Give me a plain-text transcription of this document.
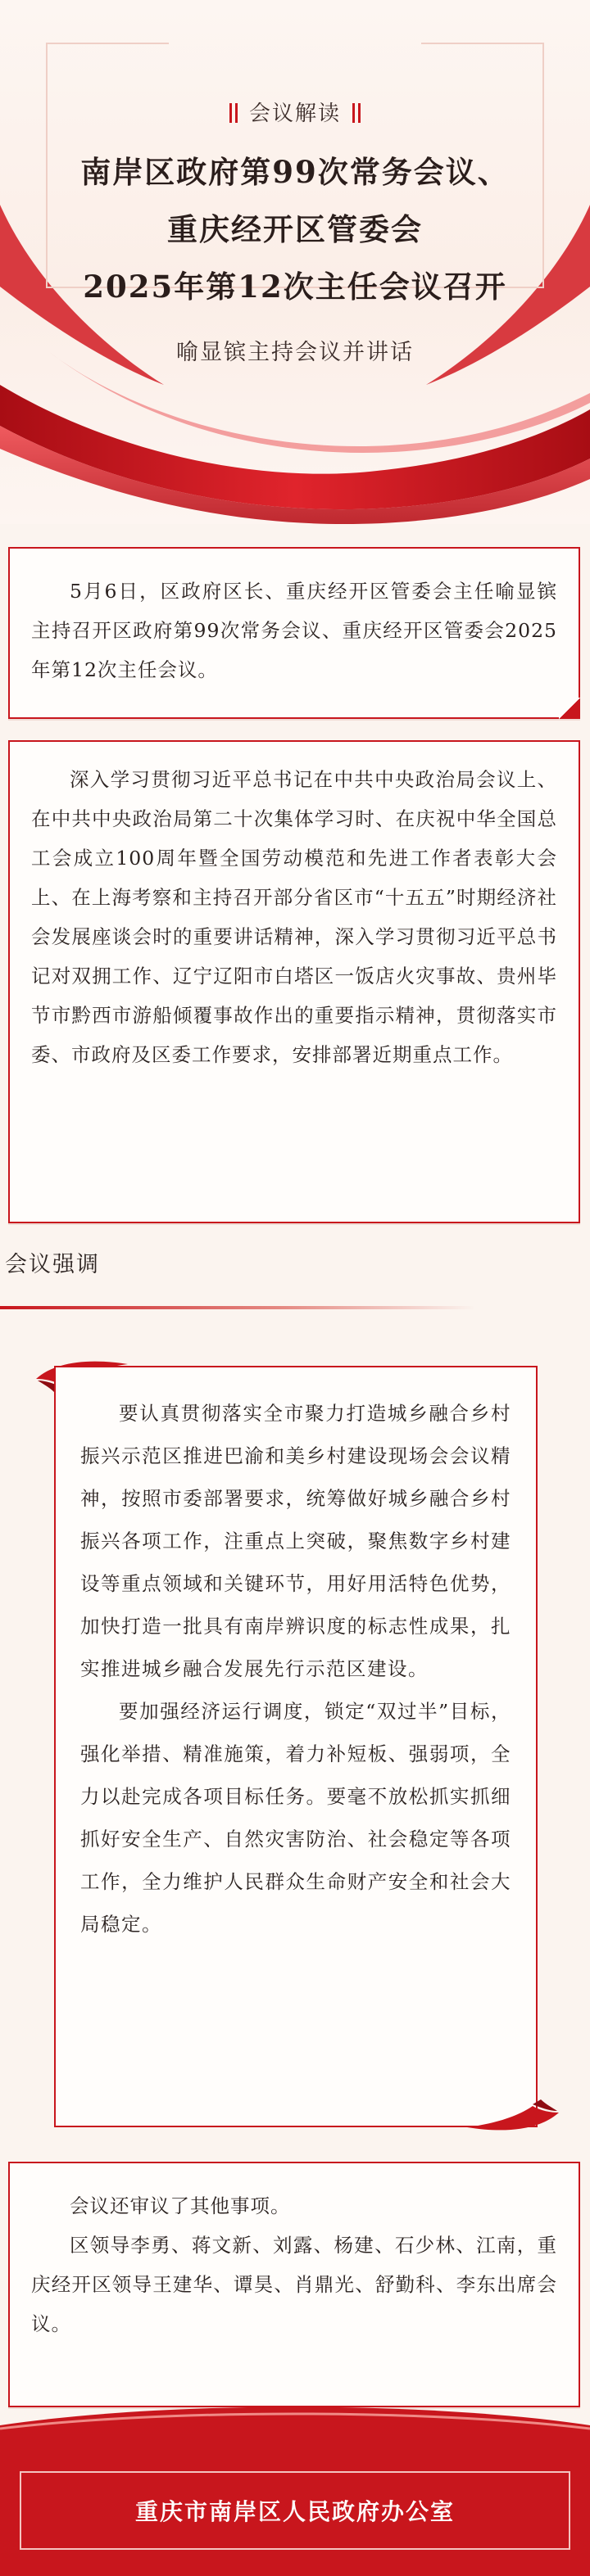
会议解读
南岸区政府第99次常务会议、
重庆经开区管委会
2025年第12次主任会议召开
喻显镔主持会议并讲话

5月6日，区政府区长、重庆经开区管委会主任喻显镔主持召开区政府第99次常务会议、重庆经开区管委会2025年第12次主任会议。

深入学习贯彻习近平总书记在中共中央政治局会议上、在中共中央政治局第二十次集体学习时、在庆祝中华全国总工会成立100周年暨全国劳动模范和先进工作者表彰大会上、在上海考察和主持召开部分省区市“十五五”时期经济社会发展座谈会时的重要讲话精神，深入学习贯彻习近平总书记对双拥工作、辽宁辽阳市白塔区一饭店火灾事故、贵州毕节市黔西市游船倾覆事故作出的重要指示精神，贯彻落实市委、市政府及区委工作要求，安排部署近期重点工作。

会议强调

要认真贯彻落实全市聚力打造城乡融合乡村振兴示范区推进巴渝和美乡村建设现场会会议精神，按照市委部署要求，统筹做好城乡融合乡村振兴各项工作，注重点上突破，聚焦数字乡村建设等重点领域和关键环节，用好用活特色优势，加快打造一批具有南岸辨识度的标志性成果，扎实推进城乡融合发展先行示范区建设。

要加强经济运行调度，锁定“双过半”目标，强化举措、精准施策，着力补短板、强弱项，全力以赴完成各项目标任务。要毫不放松抓实抓细抓好安全生产、自然灾害防治、社会稳定等各项工作，全力维护人民群众生命财产安全和社会大局稳定。

会议还审议了其他事项。

区领导李勇、蒋文新、刘露、杨建、石少林、江南，重庆经开区领导王建华、谭昊、肖鼎光、舒勤科、李东出席会议。

重庆市南岸区人民政府办公室
